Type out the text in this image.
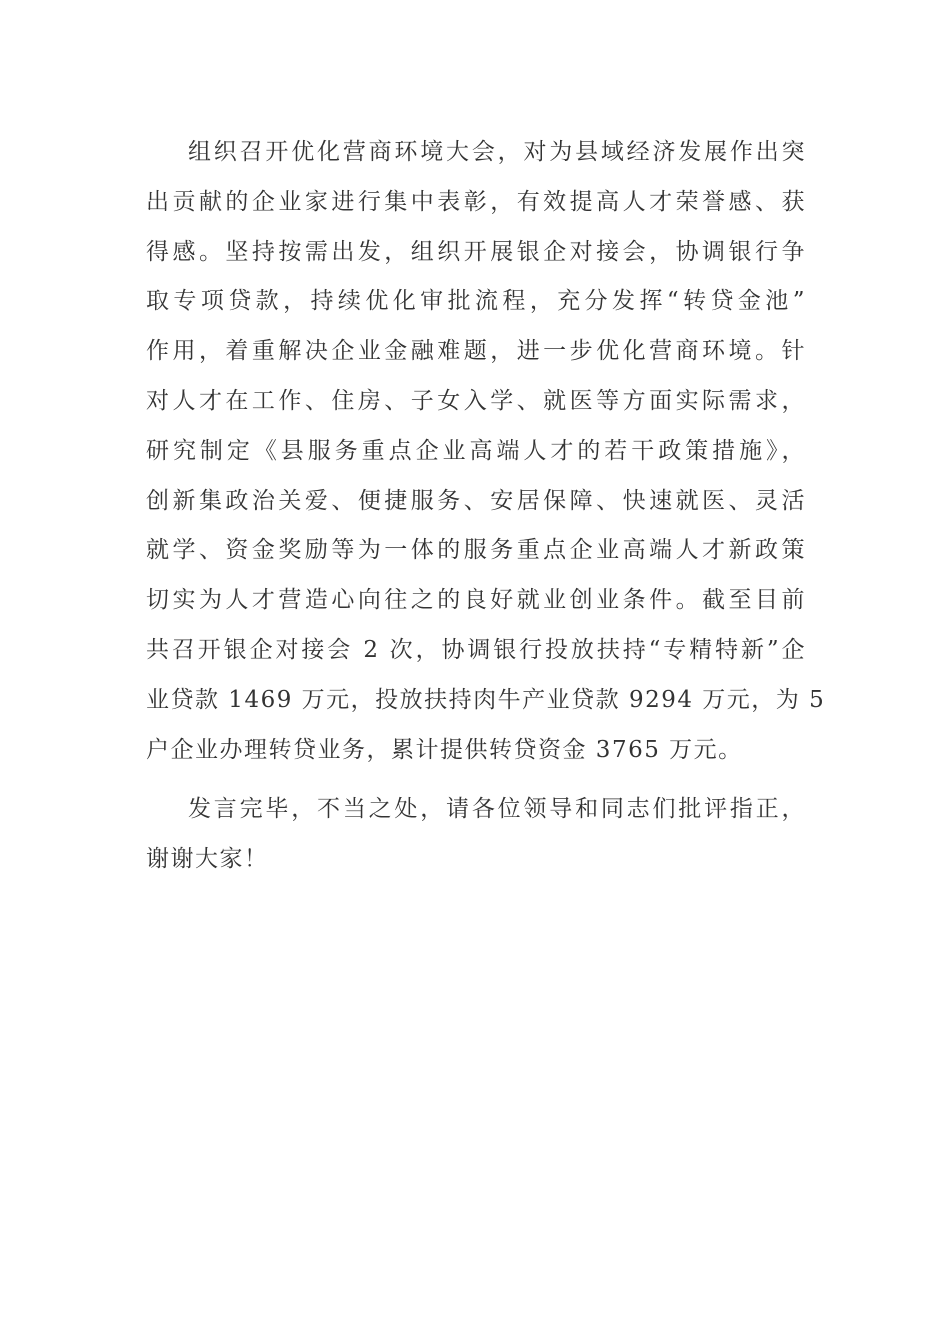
组织召开优化营商环境大会，对为县域经济发展作出突
出贡献的企业家进行集中表彰，有效提高人才荣誉感、获
得感。坚持按需出发，组织开展银企对接会，协调银行争
取专项贷款，持续优化审批流程，充分发挥“转贷金池”
作用，着重解决企业金融难题，进一步优化营商环境。针
对人才在工作、住房、子女入学、就医等方面实际需求，
研究制定《县服务重点企业高端人才的若干政策措施》，
创新集政治关爱、便捷服务、安居保障、快速就医、灵活
就学、资金奖励等为一体的服务重点企业高端人才新政策
切实为人才营造心向往之的良好就业创业条件。截至目前
共召开银企对接会 2 次，协调银行投放扶持“专精特新”企
业贷款 1469 万元，投放扶持肉牛产业贷款 9294 万元，为 5
户企业办理转贷业务，累计提供转贷资金 3765 万元。
发言完毕，不当之处，请各位领导和同志们批评指正，
谢谢大家！
